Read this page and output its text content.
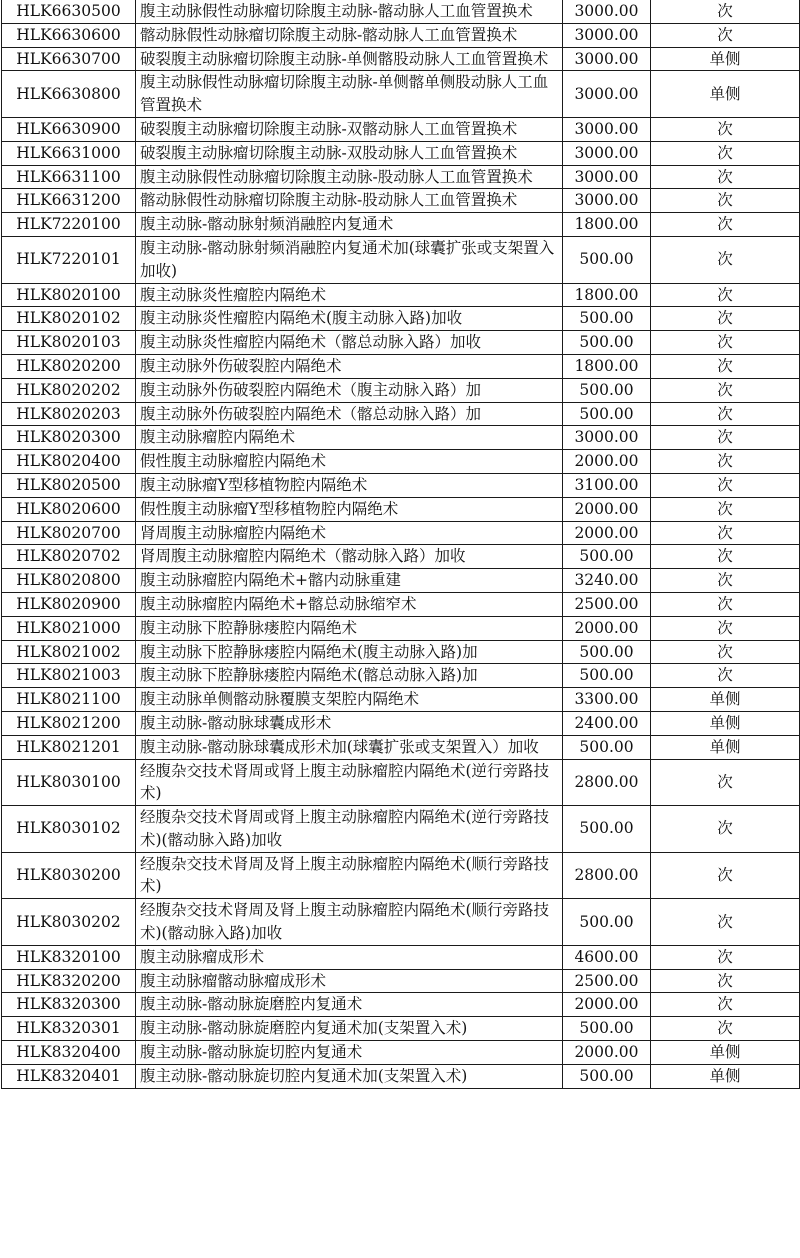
HLK6630500	腹主动脉假性动脉瘤切除腹主动脉-髂动脉人工血管置换术	3000.00	次
HLK6630600	髂动脉假性动脉瘤切除腹主动脉-髂动脉人工血管置换术	3000.00	次
HLK6630700	破裂腹主动脉瘤切除腹主动脉-单侧髂股动脉人工血管置换术	3000.00	单侧
HLK6630800	腹主动脉假性动脉瘤切除腹主动脉-单侧髂单侧股动脉人工血管置换术	3000.00	单侧
HLK6630900	破裂腹主动脉瘤切除腹主动脉-双髂动脉人工血管置换术	3000.00	次
HLK6631000	破裂腹主动脉瘤切除腹主动脉-双股动脉人工血管置换术	3000.00	次
HLK6631100	腹主动脉假性动脉瘤切除腹主动脉-股动脉人工血管置换术	3000.00	次
HLK6631200	髂动脉假性动脉瘤切除腹主动脉-股动脉人工血管置换术	3000.00	次
HLK7220100	腹主动脉-髂动脉射频消融腔内复通术	1800.00	次
HLK7220101	腹主动脉-髂动脉射频消融腔内复通术加(球囊扩张或支架置入加收)	500.00	次
HLK8020100	腹主动脉炎性瘤腔内隔绝术	1800.00	次
HLK8020102	腹主动脉炎性瘤腔内隔绝术(腹主动脉入路)加收	500.00	次
HLK8020103	腹主动脉炎性瘤腔内隔绝术（髂总动脉入路）加收	500.00	次
HLK8020200	腹主动脉外伤破裂腔内隔绝术	1800.00	次
HLK8020202	腹主动脉外伤破裂腔内隔绝术（腹主动脉入路）加	500.00	次
HLK8020203	腹主动脉外伤破裂腔内隔绝术（髂总动脉入路）加	500.00	次
HLK8020300	腹主动脉瘤腔内隔绝术	3000.00	次
HLK8020400	假性腹主动脉瘤腔内隔绝术	2000.00	次
HLK8020500	腹主动脉瘤Y型移植物腔内隔绝术	3100.00	次
HLK8020600	假性腹主动脉瘤Y型移植物腔内隔绝术	2000.00	次
HLK8020700	肾周腹主动脉瘤腔内隔绝术	2000.00	次
HLK8020702	肾周腹主动脉瘤腔内隔绝术（髂动脉入路）加收	500.00	次
HLK8020800	腹主动脉瘤腔内隔绝术+髂内动脉重建	3240.00	次
HLK8020900	腹主动脉瘤腔内隔绝术+髂总动脉缩窄术	2500.00	次
HLK8021000	腹主动脉下腔静脉瘘腔内隔绝术	2000.00	次
HLK8021002	腹主动脉下腔静脉瘘腔内隔绝术(腹主动脉入路)加	500.00	次
HLK8021003	腹主动脉下腔静脉瘘腔内隔绝术(髂总动脉入路)加	500.00	次
HLK8021100	腹主动脉单侧髂动脉覆膜支架腔内隔绝术	3300.00	单侧
HLK8021200	腹主动脉-髂动脉球囊成形术	2400.00	单侧
HLK8021201	腹主动脉-髂动脉球囊成形术加(球囊扩张或支架置入）加收	500.00	单侧
HLK8030100	经腹杂交技术肾周或肾上腹主动脉瘤腔内隔绝术(逆行旁路技术)	2800.00	次
HLK8030102	经腹杂交技术肾周或肾上腹主动脉瘤腔内隔绝术(逆行旁路技术)(髂动脉入路)加收	500.00	次
HLK8030200	经腹杂交技术肾周及肾上腹主动脉瘤腔内隔绝术(顺行旁路技术)	2800.00	次
HLK8030202	经腹杂交技术肾周及肾上腹主动脉瘤腔内隔绝术(顺行旁路技术)(髂动脉入路)加收	500.00	次
HLK8320100	腹主动脉瘤成形术	4600.00	次
HLK8320200	腹主动脉瘤髂动脉瘤成形术	2500.00	次
HLK8320300	腹主动脉-髂动脉旋磨腔内复通术	2000.00	次
HLK8320301	腹主动脉-髂动脉旋磨腔内复通术加(支架置入术)	500.00	次
HLK8320400	腹主动脉-髂动脉旋切腔内复通术	2000.00	单侧
HLK8320401	腹主动脉-髂动脉旋切腔内复通术加(支架置入术)	500.00	单侧
